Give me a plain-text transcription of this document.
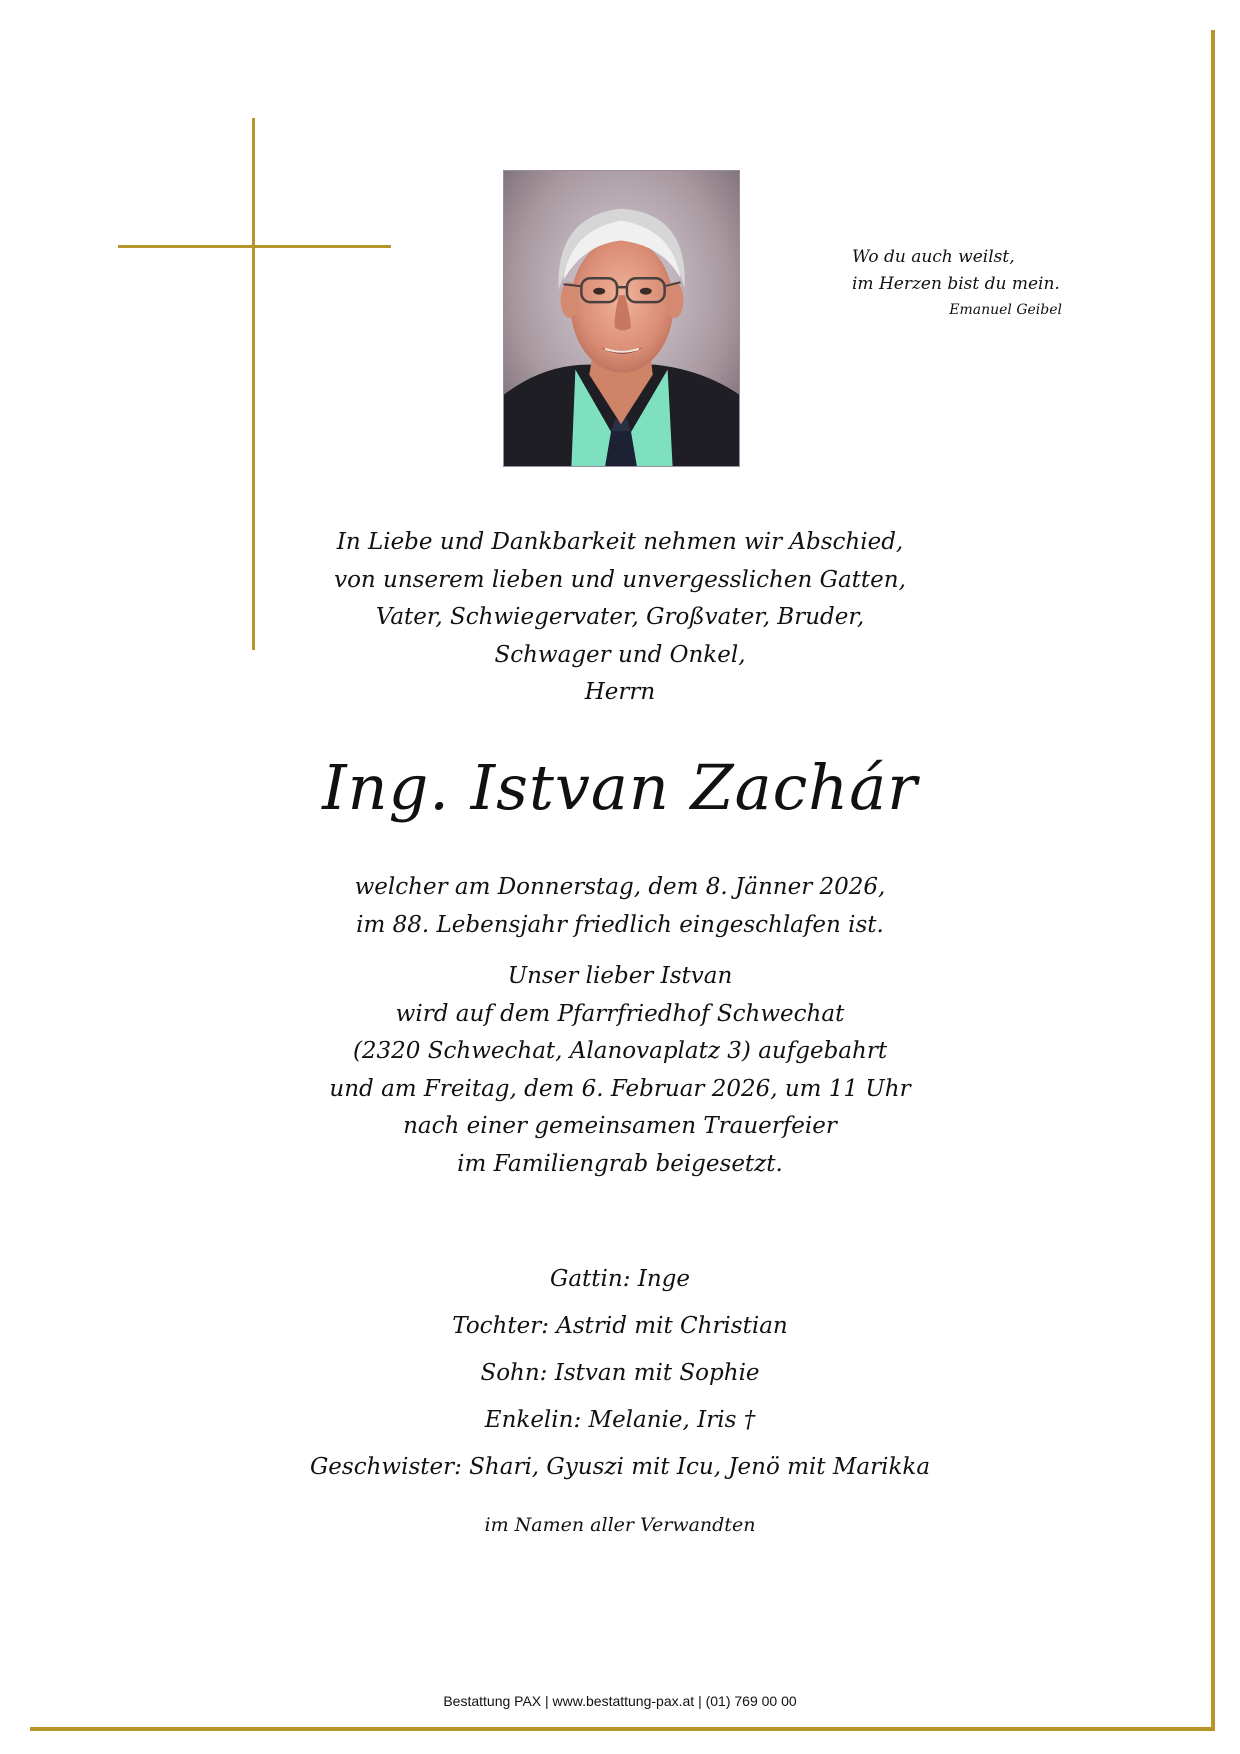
Wo du auch weilst,
im Herzen bist du mein.
Emanuel Geibel
In Liebe und Dankbarkeit nehmen wir Abschied,
von unserem lieben und unvergesslichen Gatten,
Vater, Schwiegervater, Großvater, Bruder,
Schwager und Onkel,
Herrn
Ing. Istvan Zachár
welcher am Donnerstag, dem 8. Jänner 2026,
im 88. Lebensjahr friedlich eingeschlafen ist.
Unser lieber Istvan
wird auf dem Pfarrfriedhof Schwechat
(2320 Schwechat, Alanovaplatz 3) aufgebahrt
und am Freitag, dem 6. Februar 2026, um 11 Uhr
nach einer gemeinsamen Trauerfeier
im Familiengrab beigesetzt.
Gattin: Inge
Tochter: Astrid mit Christian
Sohn: Istvan mit Sophie
Enkelin: Melanie, Iris †
Geschwister: Shari, Gyuszi mit Icu, Jenö mit Marikka
im Namen aller Verwandten
Bestattung PAX | www.bestattung-pax.at | (01) 769 00 00
